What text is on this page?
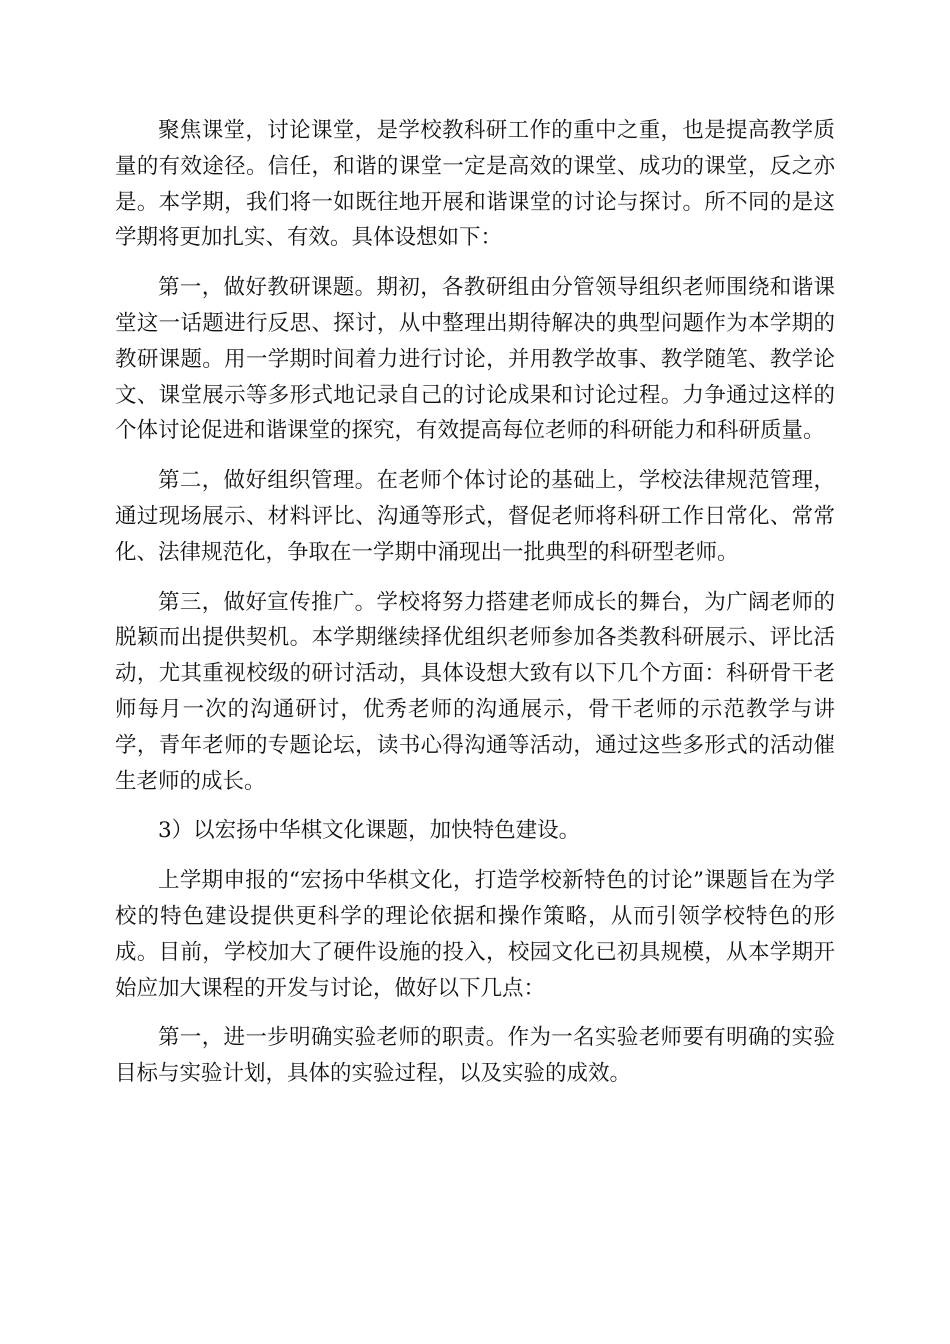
聚焦课堂，讨论课堂，是学校教科研工作的重中之重，也是提高教学质量的有效途径。信任，和谐的课堂一定是高效的课堂、成功的课堂，反之亦是。本学期，我们将一如既往地开展和谐课堂的讨论与探讨。所不同的是这学期将更加扎实、有效。具体设想如下：

第一，做好教研课题。期初，各教研组由分管领导组织老师围绕和谐课堂这一话题进行反思、探讨，从中整理出期待解决的典型问题作为本学期的教研课题。用一学期时间着力进行讨论，并用教学故事、教学随笔、教学论文、课堂展示等多形式地记录自己的讨论成果和讨论过程。力争通过这样的个体讨论促进和谐课堂的探究，有效提高每位老师的科研能力和科研质量。

第二，做好组织管理。在老师个体讨论的基础上，学校法律规范管理，通过现场展示、材料评比、沟通等形式，督促老师将科研工作日常化、常常化、法律规范化，争取在一学期中涌现出一批典型的科研型老师。

第三，做好宣传推广。学校将努力搭建老师成长的舞台，为广阔老师的脱颖而出提供契机。本学期继续择优组织老师参加各类教科研展示、评比活动，尤其重视校级的研讨活动，具体设想大致有以下几个方面：科研骨干老师每月一次的沟通研讨，优秀老师的沟通展示，骨干老师的示范教学与讲学，青年老师的专题论坛，读书心得沟通等活动，通过这些多形式的活动催生老师的成长。

3）以宏扬中华棋文化课题，加快特色建设。

上学期申报的“宏扬中华棋文化，打造学校新特色的讨论”课题旨在为学校的特色建设提供更科学的理论依据和操作策略，从而引领学校特色的形成。目前，学校加大了硬件设施的投入，校园文化已初具规模，从本学期开始应加大课程的开发与讨论，做好以下几点：

第一，进一步明确实验老师的职责。作为一名实验老师要有明确的实验目标与实验计划，具体的实验过程，以及实验的成效。
